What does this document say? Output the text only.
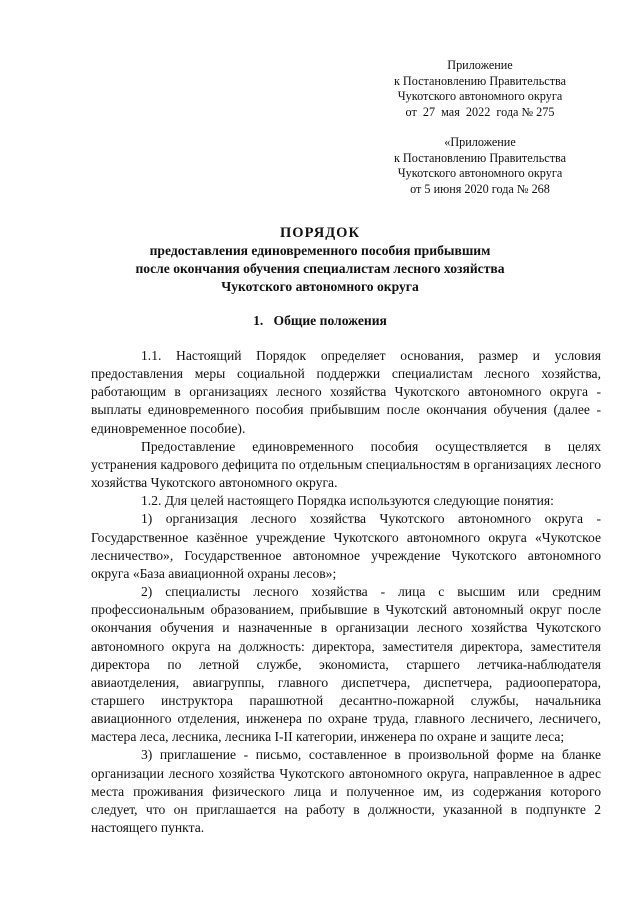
Приложение
к Постановлению Правительства
Чукотского автономного округа
от  27  мая  2022  года № 275
«Приложение
к Постановлению Правительства
Чукотского автономного округа
от 5 июня 2020 года № 268
ПОРЯДОК
предоставления единовременного пособия прибывшим
после окончания обучения специалистам лесного хозяйства
Чукотского автономного округа
1. Общие положения

1.1. Настоящий Порядок определяет основания, размер и условия предоставления меры социальной поддержки специалистам лесного хозяйства, работающим в организациях лесного хозяйства Чукотского автономного округа - выплаты единовременного пособия прибывшим после окончания обучения (далее - единовременное пособие).

Предоставление единовременного пособия осуществляется в целях устранения кадрового дефицита по отдельным специальностям в организациях лесного хозяйства Чукотского автономного округа.

1.2. Для целей настоящего Порядка используются следующие понятия:

1) организация лесного хозяйства Чукотского автономного округа - Государственное казённое учреждение Чукотского автономного округа «Чукотское лесничество», Государственное автономное учреждение Чукотского автономного округа «База авиационной охраны лесов»;

2) специалисты лесного хозяйства - лица с высшим или средним профессиональным образованием, прибывшие в Чукотский автономный округ после окончания обучения и назначенные в организации лесного хозяйства Чукотского автономного округа на должность: директора, заместителя директора, заместителя директора по летной службе, экономиста, старшего летчика-наблюдателя авиаотделения, авиагруппы, главного диспетчера, диспетчера, радиооператора, старшего инструктора парашютной десантно-пожарной службы, начальника авиационного отделения, инженера по охране труда, главного лесничего, лесничего, мастера леса, лесника, лесника I-II категории, инженера по охране и защите леса;

3) приглашение - письмо, составленное в произвольной форме на бланке организации лесного хозяйства Чукотского автономного округа, направленное в адрес места проживания физического лица и полученное им, из содержания которого следует, что он приглашается на работу в должности, указанной в подпункте 2 настоящего пункта.
